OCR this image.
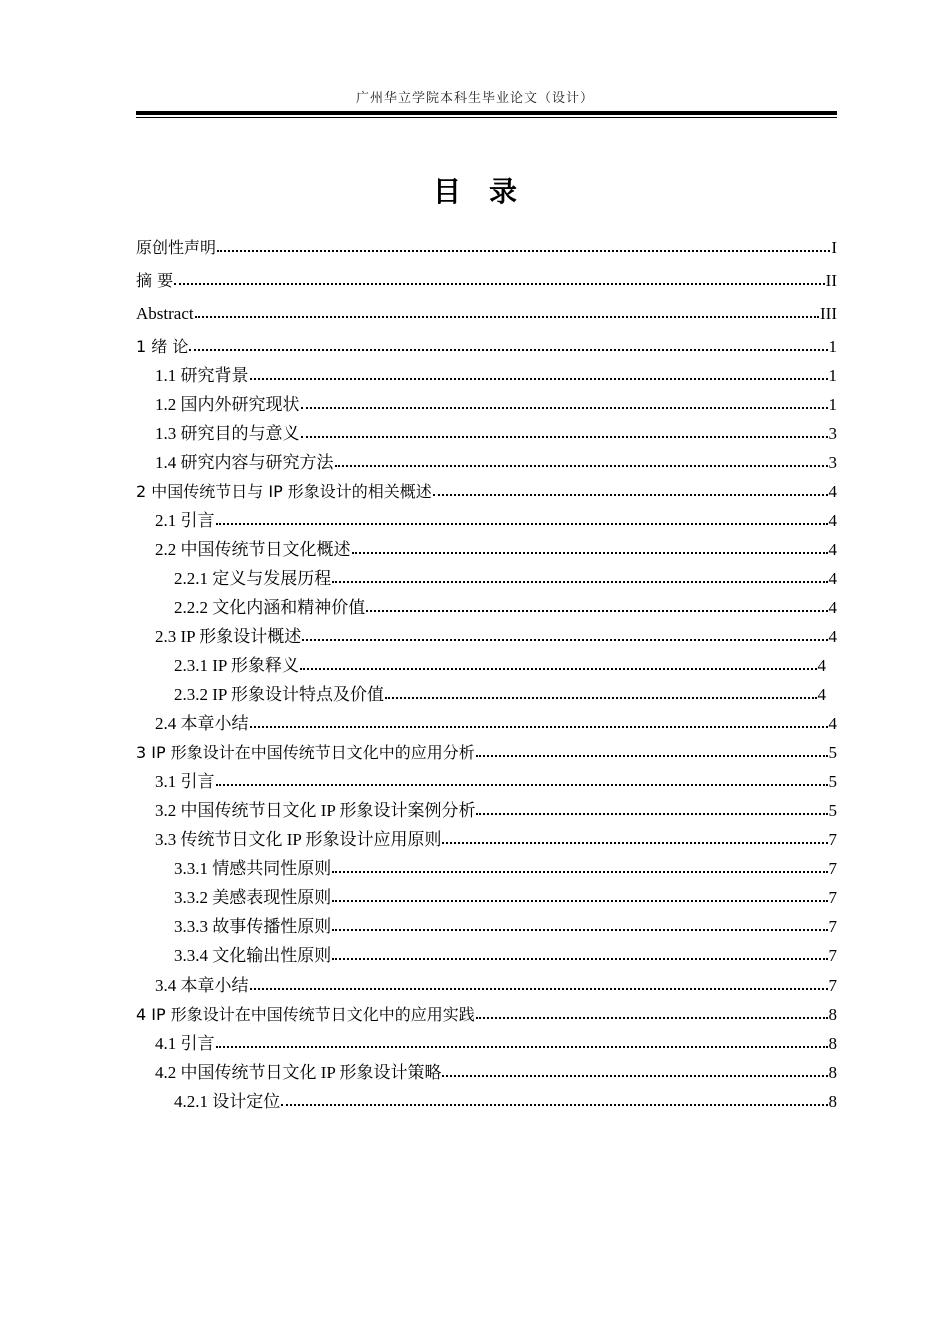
广州华立学院本科生毕业论文（设计）
目录
原创性声明	I
摘 要	II
Abstract	III
1 绪 论	1
1.1 研究背景	1
1.2 国内外研究现状	1
1.3 研究目的与意义	3
1.4 研究内容与研究方法	3
2 中国传统节日与 IP 形象设计的相关概述	4
2.1 引言	4
2.2 中国传统节日文化概述	4
2.2.1 定义与发展历程	4
2.2.2 文化内涵和精神价值	4
2.3 IP 形象设计概述	4
2.3.1 IP 形象释义	4
2.3.2 IP 形象设计特点及价值	4
2.4 本章小结	4
3 IP 形象设计在中国传统节日文化中的应用分析	5
3.1 引言	5
3.2 中国传统节日文化 IP 形象设计案例分析	5
3.3 传统节日文化 IP 形象设计应用原则	7
3.3.1 情感共同性原则	7
3.3.2 美感表现性原则	7
3.3.3 故事传播性原则	7
3.3.4 文化输出性原则	7
3.4 本章小结	7
4 IP 形象设计在中国传统节日文化中的应用实践	8
4.1 引言	8
4.2 中国传统节日文化 IP 形象设计策略	8
4.2.1 设计定位	8
